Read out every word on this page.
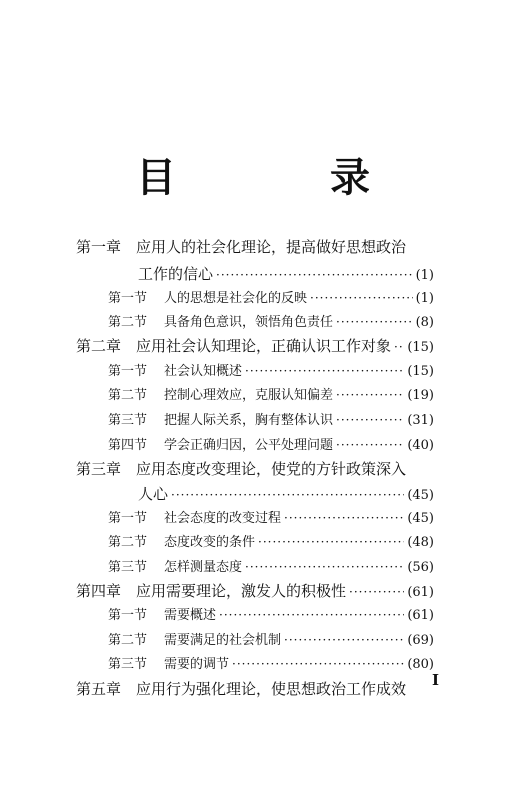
目 录
第一章 应用人的社会化理论，提高做好思想政治
工作的信心 ·····	(1)
第一节	人的思想是社会化的反映 ·····	(1)
第二节	具备角色意识，领悟角色责任 ·····	(8)
第二章 应用社会认知理论，正确认识工作对象 ····· (15)
第一节	社会认知概述 ·····	(15)
第二节	控制心理效应，克服认知偏差 ·····	(19)
第三节	把握人际关系，胸有整体认识 ·····	(31)
第四节	学会正确归因，公平处理问题 ·····	(40)
第三章 应用态度改变理论，使党的方针政策深入
人心 ·····	(45)
第一节	社会态度的改变过程 ·····	(45)
第二节	态度改变的条件 ·····	(48)
第三节	怎样测量态度 ·····	(56)
第四章 应用需要理论，激发人的积极性 ·····	(61)
第一节	需要概述 ·····	(61)
第二节	需要满足的社会机制 ·····	(69)
第三节	需要的调节 ·····	(80)
第五章 应用行为强化理论，使思想政治工作成效 I
